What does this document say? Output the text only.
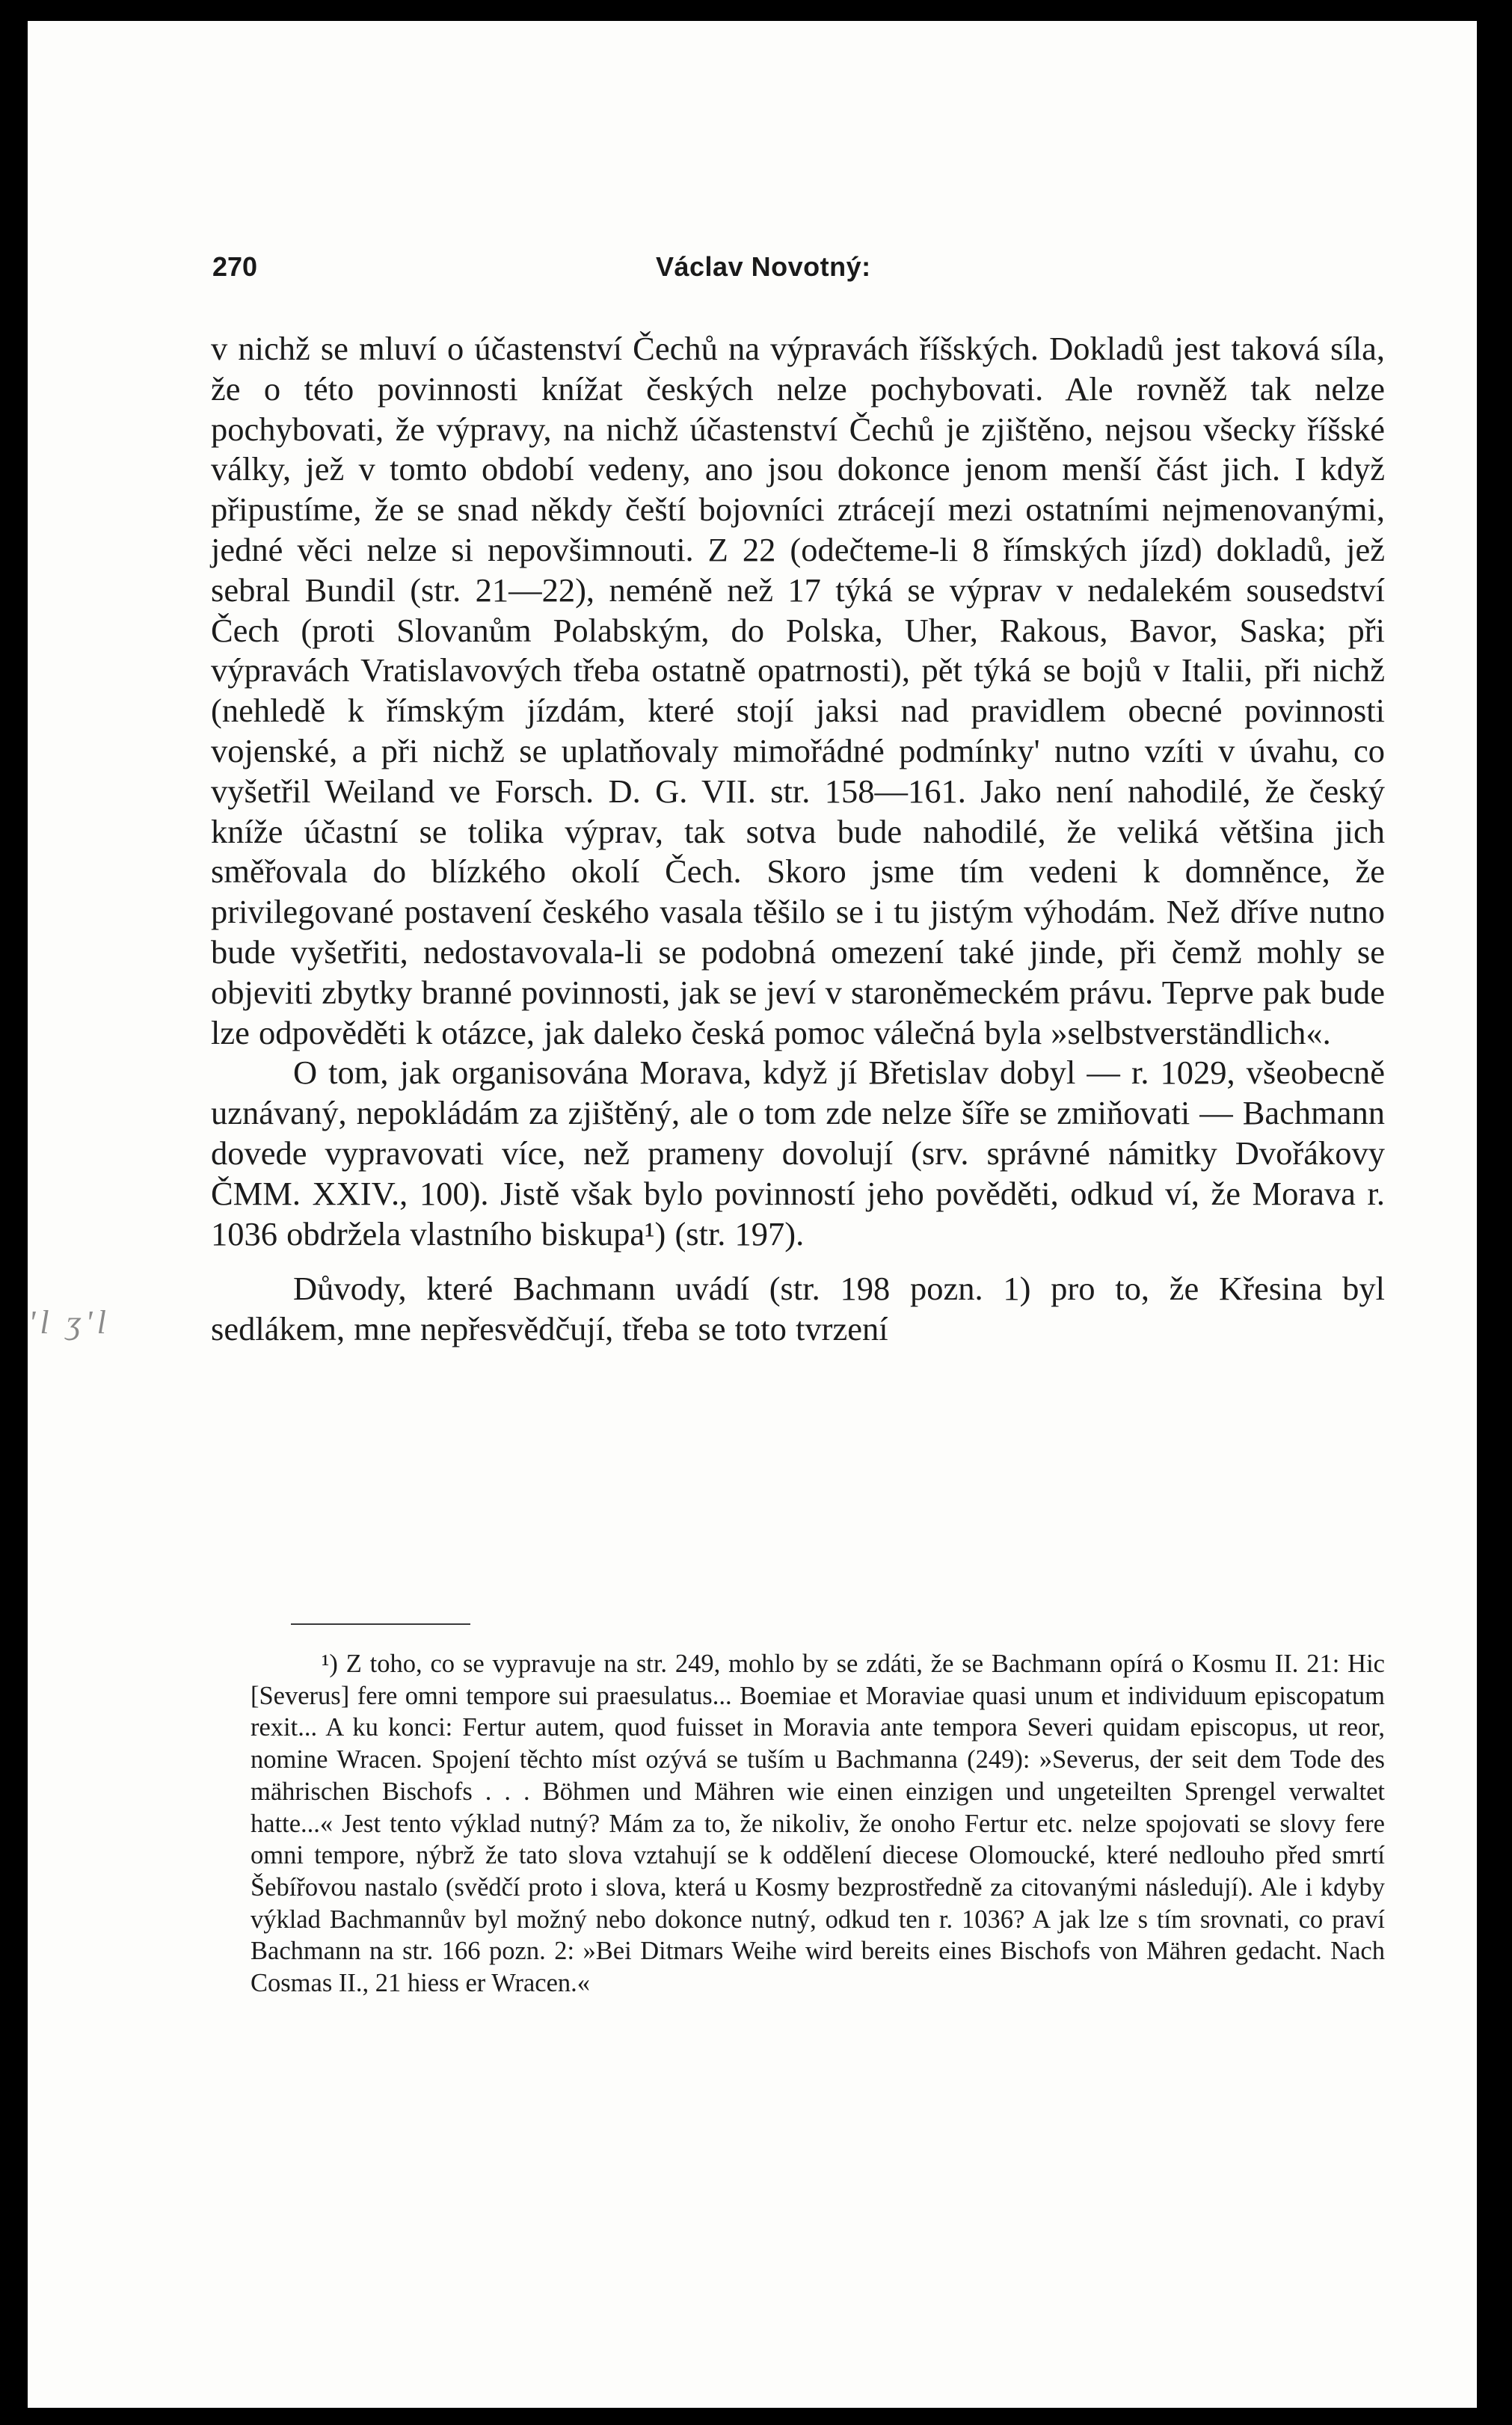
270	Václav Novotný:
'l ʒ'l

v nichž se mluví o účastenství Čechů na výpravách říšských. Dokladů jest taková síla, že o této povinnosti knížat českých nelze pochybovati. Ale rovněž tak nelze pochybovati, že výpravy, na nichž účastenství Čechů je zjištěno, nejsou všecky říšské války, jež v tomto období vedeny, ano jsou dokonce jenom menší část jich. I když připustíme, že se snad někdy čeští bojovníci ztrácejí mezi ostatními nejmenovanými, jedné věci nelze si nepovšimnouti. Z 22 (odečteme-li 8 římských jízd) dokladů, jež sebral Bundil (str. 21—22), neméně než 17 týká se výprav v nedalekém sousedství Čech (proti Slovanům Polabským, do Polska, Uher, Rakous, Bavor, Saska; při výpravách Vratislavových třeba ostatně opatrnosti), pět týká se bojů v Italii, při nichž (nehledě k římským jízdám, které stojí jaksi nad pravidlem obecné povinnosti vojenské, a při nichž se uplatňovaly mimořádné podmínky' nutno vzíti v úvahu, co vyšetřil Weiland ve Forsch. D. G. VII. str. 158—161. Jako není nahodilé, že český kníže účastní se tolika výprav, tak sotva bude nahodilé, že veliká většina jich směřovala do blízkého okolí Čech. Skoro jsme tím vedeni k domněnce, že privilegované postavení českého vasala těšilo se i tu jistým výhodám. Než dříve nutno bude vyšetřiti, nedostavovala-li se podobná omezení také jinde, při čemž mohly se objeviti zbytky branné povinnosti, jak se jeví v staroněmeckém právu. Teprve pak bude lze odpověděti k otázce, jak daleko česká pomoc válečná byla »selbstverständlich«.

O tom, jak organisována Morava, když jí Břetislav dobyl — r. 1029, všeobecně uznávaný, nepokládám za zjištěný, ale o tom zde nelze šíře se zmiňovati — Bachmann dovede vypravovati více, než prameny dovolují (srv. správné námitky Dvořákovy ČMM. XXIV., 100). Jistě však bylo povinností jeho pověděti, odkud ví, že Morava r. 1036 obdržela vlastního biskupa¹) (str. 197).

Důvody, které Bachmann uvádí (str. 198 pozn. 1) pro to, že Křesina byl sedlákem, mne nepřesvědčují, třeba se toto tvrzení

¹) Z toho, co se vypravuje na str. 249, mohlo by se zdáti, že se Bachmann opírá o Kosmu II. 21: Hic [Severus] fere omni tempore sui praesulatus... Boemiae et Moraviae quasi unum et individuum episcopatum rexit... A ku konci: Fertur autem, quod fuisset in Moravia ante tempora Severi quidam episcopus, ut reor, nomine Wracen. Spojení těchto míst ozývá se tuším u Bachmanna (249): »Severus, der seit dem Tode des mährischen Bischofs . . . Böhmen und Mähren wie einen einzigen und ungeteilten Sprengel verwaltet hatte...« Jest tento výklad nutný? Mám za to, že nikoliv, že onoho Fertur etc. nelze spojovati se slovy fere omni tempore, nýbrž že tato slova vztahují se k oddělení diecese Olomoucké, které nedlouho před smrtí Šebířovou nastalo (svědčí proto i slova, která u Kosmy bezprostředně za citovanými následují). Ale i kdyby výklad Bachmannův byl možný nebo dokonce nutný, odkud ten r. 1036? A jak lze s tím srovnati, co praví Bachmann na str. 166 pozn. 2: »Bei Ditmars Weihe wird bereits eines Bischofs von Mähren gedacht. Nach Cosmas II., 21 hiess er Wracen.«
